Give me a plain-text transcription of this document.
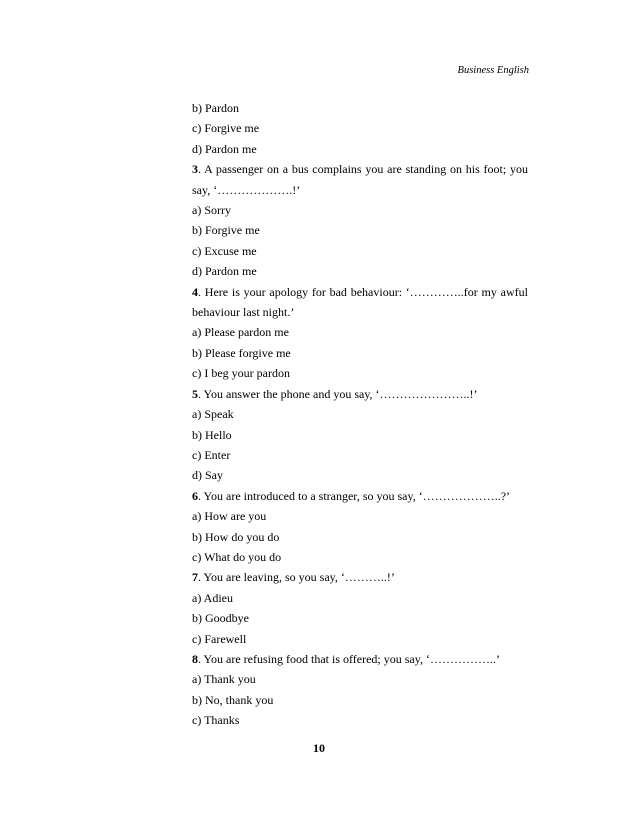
Business English
b) Pardon
c) Forgive me
d) Pardon me
3. A passenger on a bus complains you are standing on his foot; you say, ‘……………….!’
a) Sorry
b) Forgive me
c) Excuse me
d) Pardon me
4. Here is your apology for bad behaviour: ‘…………..for my awful behaviour last night.’
a) Please pardon me
b) Please forgive me
c) I beg your pardon
5. You answer the phone and you say, ‘…………………..!’
a) Speak
b) Hello
c) Enter
d) Say
6. You are introduced to a stranger, so you say, ‘………………..?’
a) How are you
b) How do you do
c) What do you do
7. You are leaving, so you say, ‘………..!’
a) Adieu
b) Goodbye
c) Farewell
8. You are refusing food that is offered; you say, ‘……………..’
a) Thank you
b) No, thank you
c) Thanks
10
